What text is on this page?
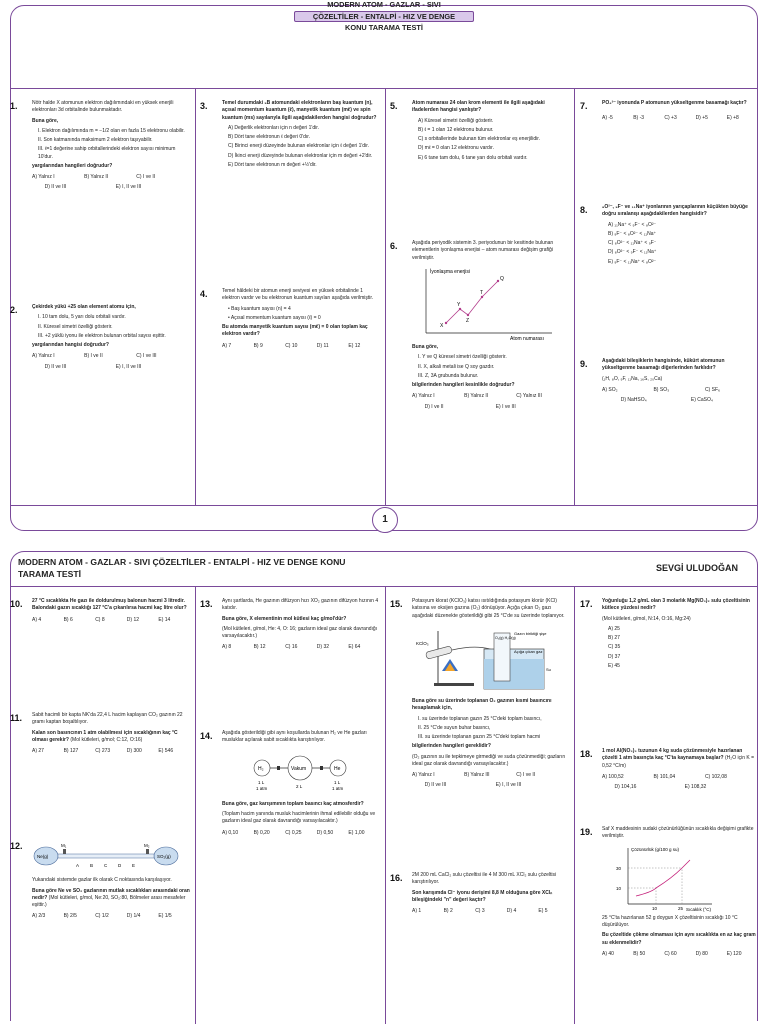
MODERN ATOM - GAZLAR - SIVI
ÇÖZELTİLER - ENTALPİ - HIZ VE DENGE
KONU TARAMA TESTİ
1
1.	Nötr halde X atomunun elektron dağılımındaki en yüksek enerjili elektronları 3d orbitalinde bulunmaktadır.

Buna göre,

I. Elektron dağılımında m = −1/2 olan en fazla 15 elektronu olabilir.
II. Son katmanında maksimum 2 elektron taşıyabilir.
III. ℓ=1 değerine sahip orbitallerindeki elektron sayısı minimum 10'dur.

yargılarından hangileri doğrudur?

A) Yalnız I	B) Yalnız II	C) I ve II
D) II ve III	E) I, II ve III
2.	Çekirdek yükü +25 olan element atomu için,

I. 10 tam dolu, 5 yarı dolu orbitali vardır.
II. Küresel simetri özelliği gösterir.
III. +2 yüklü iyonu ile elektron bulunan orbital sayısı eşittir.

yargılarından hangisi doğrudur?

A) Yalnız I	B) I ve II	C) I ve III
D) II ve III	E) I, II ve III
3.	Temel durumdaki ₉B atomundaki elektronların baş kuantum (n), açısal momentum kuantum (ℓ), manyetik kuantum (mℓ) ve spin kuantum (ms) sayılarıyla ilgili aşağıdakilerden hangisi doğrudur?

A) Değerlik elektronları için n değeri 1'dir.
B) Dört tane elektronun ℓ değeri 0'dır.
C) Birinci enerji düzeyinde bulunan elektronlar için ℓ değeri 1'dir.
D) İkinci enerji düzeyinde bulunan elektronlar için m değeri +2'dir.
E) Dört tane elektronun m değeri +½'dir.
4.	Temel hâldeki bir atomun enerji seviyesi en yüksek orbitalinde 1 elektron vardır ve bu elektronun kuantum sayıları aşağıda verilmiştir.

• Baş kuantum sayısı (n) = 4
• Açısal momentum kuantum sayısı (ℓ) = 0

Bu atomda manyetik kuantum sayısı (mℓ) = 0 olan toplam kaç elektron vardır?

A) 7	B) 9	C) 10	D) 11	E) 12
5.	Atom numarası 24 olan krom elementi ile ilgili aşağıdaki ifadelerden hangisi yanlıştır?

A) Küresel simetri özelliği gösterir.
B) ℓ = 1 olan 12 elektronu bulunur.
C) s orbitallerinde bulunan tüm elektronlar eş enerjilidir.
D) mℓ = 0 olan 12 elektronu vardır.
E) 6 tane tam dolu, 6 tane yarı dolu orbitali vardır.
6.	Aşağıda periyodik sistemin 3. periyodunun bir kesitinde bulunan elementlerin iyonlaşma enerjisi – atom numarası değişim grafiği verilmiştir.

İyonlaşma enerjisi
Atom numarası
X
Y
Z
T
Q

Buna göre,

I. Y ve Q küresel simetri özelliği gösterir.
II. X, alkali metali ise Q soy gazdır.
III. Z, 3A grubunda bulunur.

bilgilerinden hangileri kesinlikle doğrudur?

A) Yalnız I	B) Yalnız II	C) Yalnız III
D) I ve II	E) I ve III
7.	PO₄³⁻ iyonunda P atomunun yükseltgenme basamağı kaçtır?

A) -5	B) -3	C) +3	D) +5	E) +8
8.	₈O²⁻, ₉F⁻ ve ₁₁Na⁺ iyonlarının yarıçaplarının küçükten büyüğe doğru sıralanışı aşağıdakilerden hangisidir?

A) ₁₁Na⁺ < ₉F⁻ < ₈O²⁻
B) ₉F⁻ < ₈O²⁻ < ₁₁Na⁺
C) ₈O²⁻ < ₁₁Na⁺ < ₉F⁻
D) ₈O²⁻ < ₉F⁻ < ₁₁Na⁺
E) ₉F⁻ < ₁₁Na⁺ < ₈O²⁻
9.	Aşağıdaki bileşiklerin hangisinde, kükürt atomunun yükseltgenme basamağı diğerlerinden farklıdır?

(₁H, ₈O, ₉F, ₁₁Na, ₁₆S, ₂₀Ca)

A) SO₂	B) SO₃	C) SF₆
D) NaHSO₄	E) CaSO₄
MODERN ATOM - GAZLAR - SIVI ÇÖZELTİLER - ENTALPİ - HIZ VE DENGE KONU TARAMA TESTİ
SEVGİ ULUDOĞAN
10. 27 °C sıcaklıkta He gazı ile doldurulmuş balonun hacmi 3 litredir. Balondaki gazın sıcaklığı 127 °C'a çıkarılırsa hacmi kaç litre olur?

A) 4	B) 6	C) 8	D) 12	E) 14
11. Sabit hacimli bir kapta NK'da 22,4 L hacim kaplayan CO₂ gazının 22 gramı kaptan boşaltılıyor.

Kalan son basıncının 1 atm olabilmesi için sıcaklığının kaç °C olması gerekir? (Mol kütleleri, g/mol; C:12, O:16)

A) 27	B) 127	C) 273	D) 300	E) 546
12.
Ne(g)	SO₂(g)
M₁	M₂
A B C D E

Yukarıdaki sistemde gazlar ilk olarak C noktasında karşılaşıyor.

Buna göre Ne ve SO₂ gazlarının mutlak sıcaklıkları arasındaki oran nedir? (Mol kütleleri, g/mol, Ne:20, SO₂:80, Bölmeler arası mesafeler eşittir.)

A) 2/3	B) 2/5	C) 1/2	D) 1/4	E) 1/5
13. Aynı şartlarda, He gazının difüzyon hızı XO₂ gazının difüzyon hızının 4 katıdır.

Buna göre, X elementinin mol kütlesi kaç g/mol'dür?

(Mol kütleleri, g/mol, He: 4, O: 16; gazların ideal gaz olarak davrandığı varsayılacaktır.)

A) 8	B) 12	C) 16	D) 32	E) 64
14. Aşağıda gösterildiği gibi aynı koşullarda bulunan H₂ ve He gazları musluklar açılarak sabit sıcaklıkta karıştırılıyor.

H₂	Vakum	He
1 L
2 L
1 L
1 atm	1 atm

Buna göre, gaz karışımının toplam basıncı kaç atmosferdir?

(Toplam hacim yanında musluk hacimlerinin ihmal edilebilir olduğu ve gazların ideal gaz olarak davrandığı varsayılacaktır.)

A) 0,10	B) 0,20	C) 0,25	D) 0,50	E) 1,00
15. Potasyum klorat (KClO₃) katısı ısıtıldığında potasyum klorür (KCl) katısına ve oksijen gazına (O₂) dönüşüyor. Açığa çıkan O₂ gazı aşağıdaki düzenekte gösterildiği gibi 25 °C'de su üzerinde toplanıyor.

KClO₃
O₂(g) H₂O(g)
Gazın biriktiği şişe
Açığa çıkan gaz
Su

Buna göre su üzerinde toplanan O₂ gazının kısmi basıncını hesaplamak için,

I. su üzerinde toplanan gazın 25 °C'deki toplam basıncı,
II. 25 °C'de suyun buhar basıncı,
III. su üzerinde toplanan gazın 25 °C'deki toplam hacmi

bilgilerinden hangileri gereklidir?

(O₂ gazının su ile tepkimeye girmediği ve suda çözünmediği; gazların ideal gaz olarak davrandığı varsayılacaktır.)

A) Yalnız I	B) Yalnız III	C) I ve II
D) II ve III	E) I, II ve III
16. 2M 200 mL CaCl₂ sulu çözeltisi ile 4 M 300 mL XCl₂ sulu çözeltisi karıştırılıyor.

Son karışımda Cl⁻ iyonu derişimi 8,8 M olduğuna göre XClₙ bileşiğindeki "n" değeri kaçtır?

A) 1	B) 2	C) 3	D) 4	E) 5
17. Yoğunluğu 1,2 g/mL olan 3 molarlık Mg(NO₃)₂ sulu çözeltisinin kütlece yüzdesi nedir?

(Mol kütleleri, g/mol, N:14, O:16, Mg:24)

A) 25
B) 27
C) 35
D) 37
E) 45
18. 1 mol Al(NO₃)₃ tuzunun 4 kg suda çözünmesiyle hazırlanan çözelti 1 atm basınçta kaç °C'ta kaynamaya başlar? (H₂O için K = 0,52 °C/m)

A) 100,52	B) 101,04	C) 102,08
D) 104,16	E) 108,32
19. Saf X maddesinin sudaki çözünürlüğünün sıcaklıkla değişimi grafikte verilmiştir.

Çözünürlük (g/100 g su)
Sıcaklık (°C)
30
10
10	25

25 °C'ta hazırlanan 52 g doygun X çözeltisinin sıcaklığı 10 °C düşürülüyor.

Bu çözeltide çökme olmaması için aynı sıcaklıkta en az kaç gram su eklenmelidir?

A) 40	B) 50	C) 60	D) 80	E) 120
